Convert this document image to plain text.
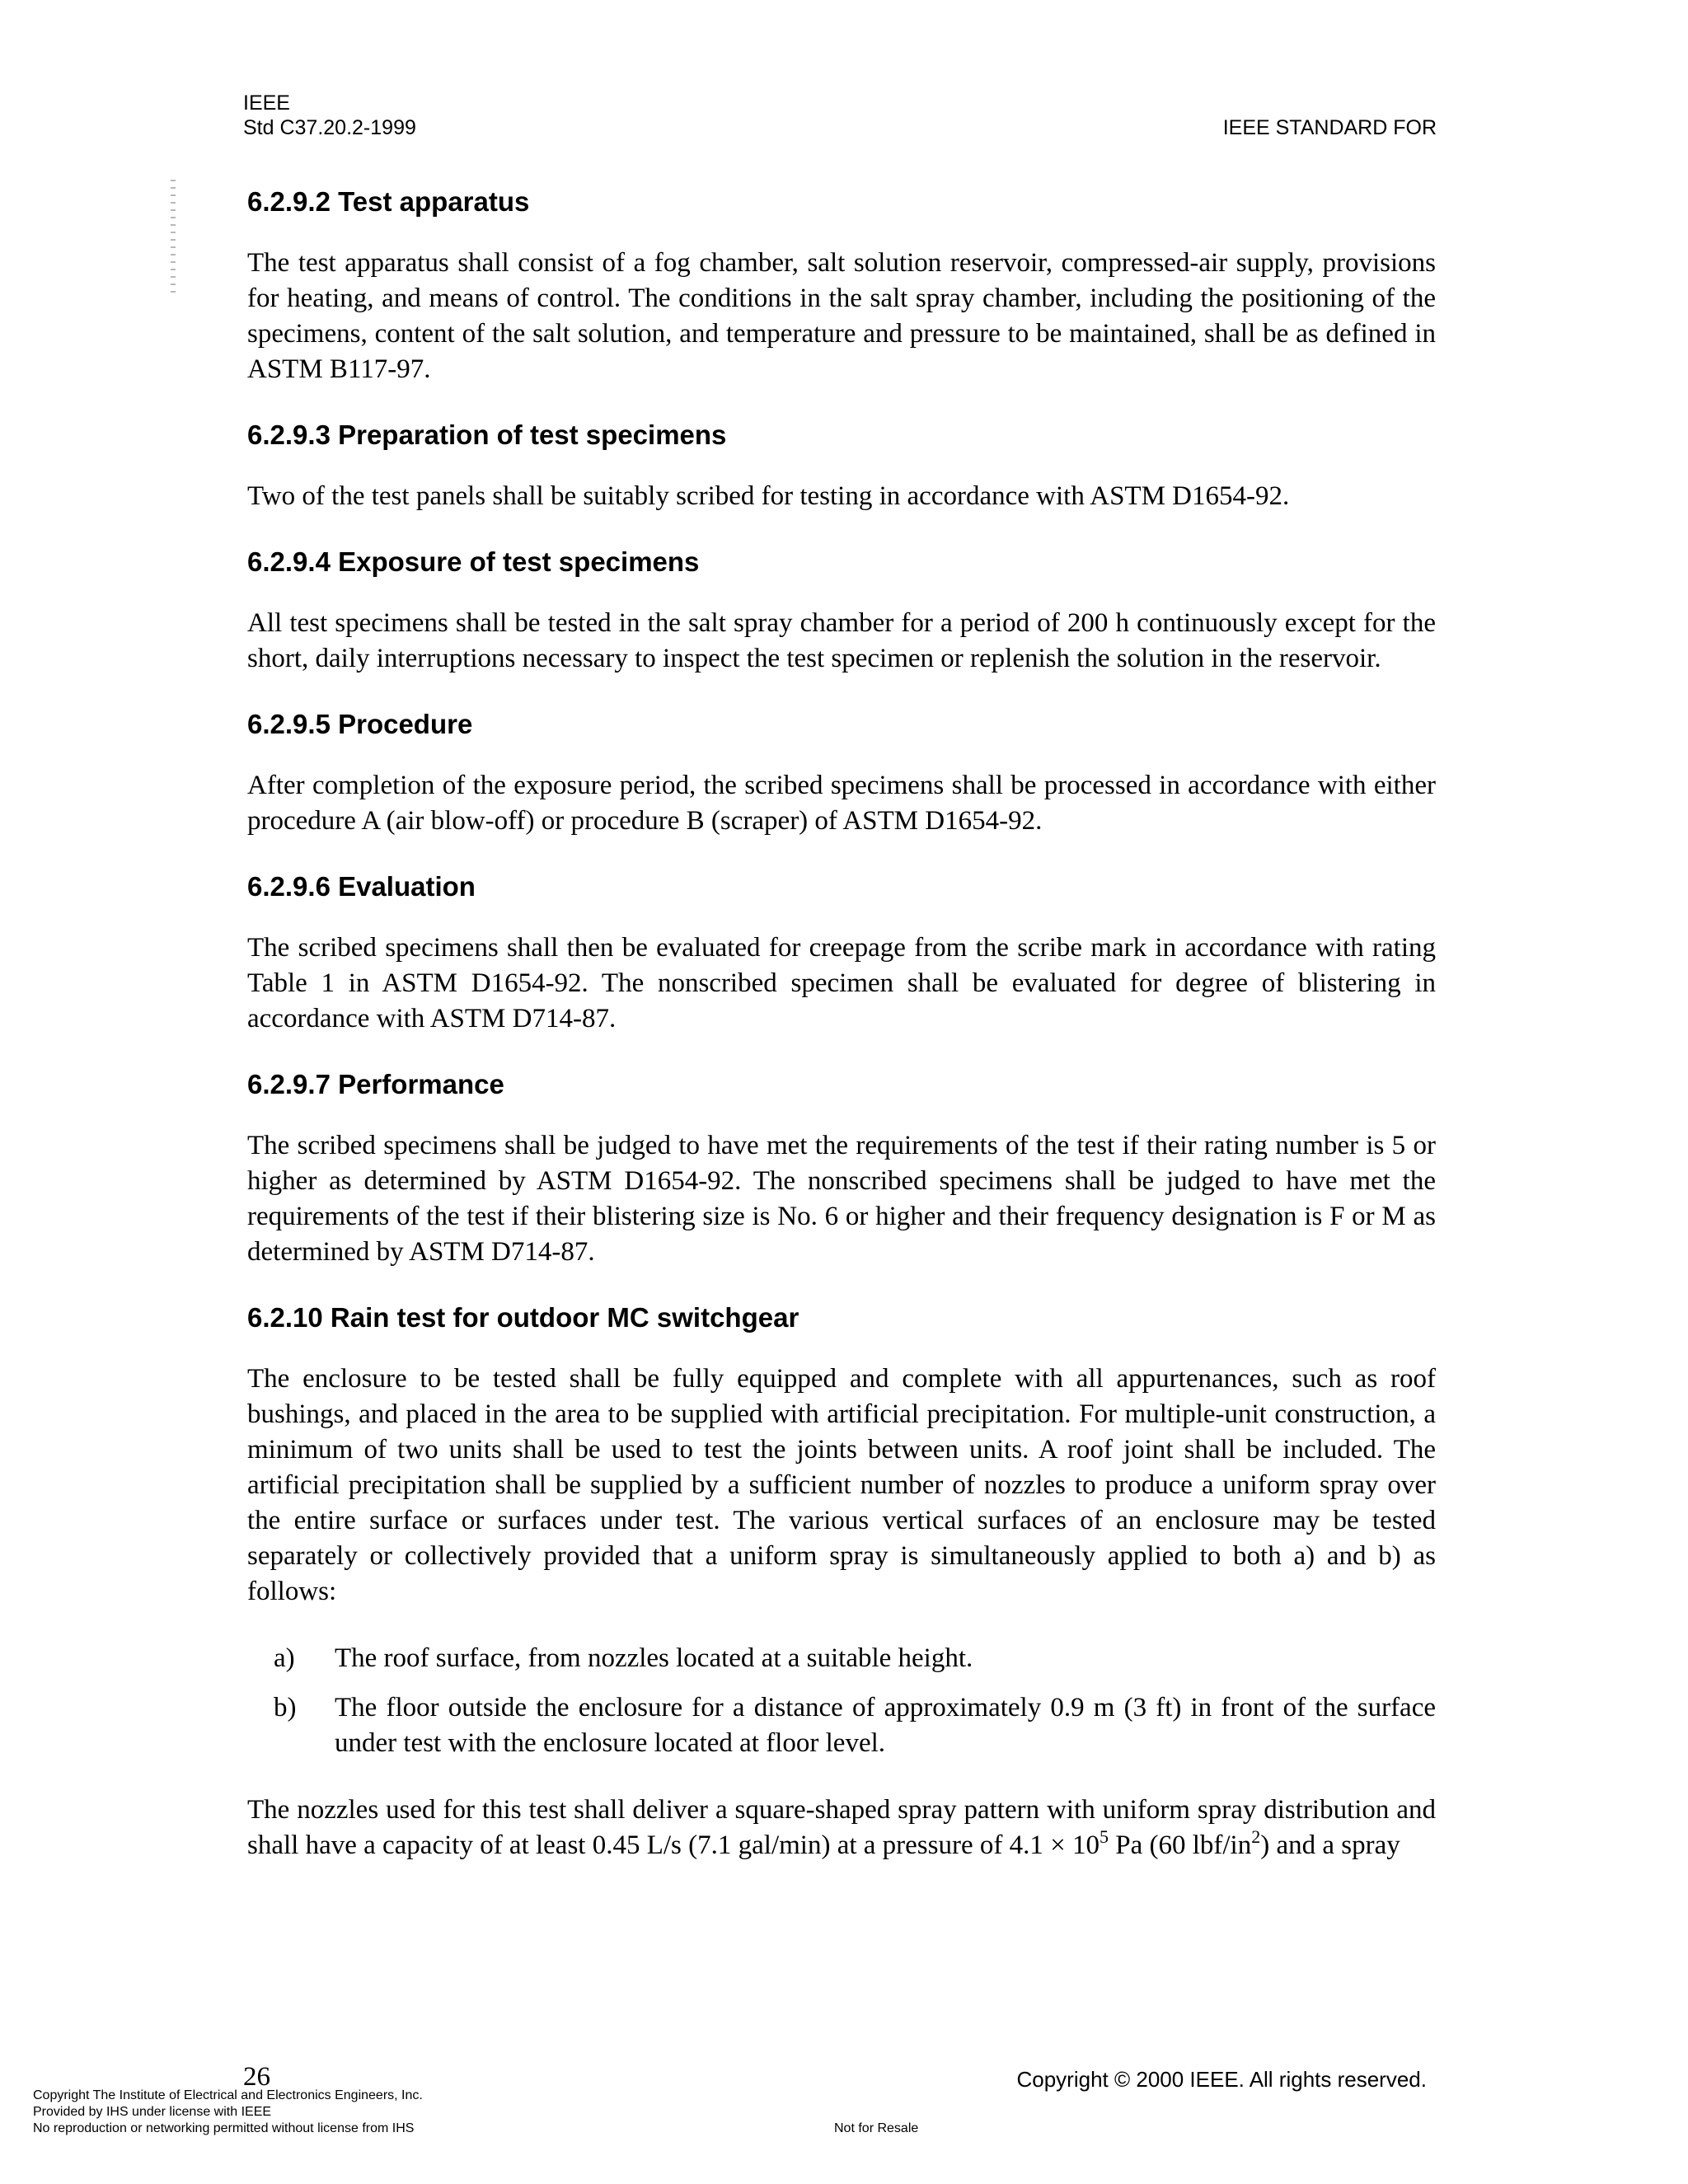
IEEE
Std C37.20.2-1999	IEEE STANDARD FOR
6.2.9.2 Test apparatus

The test apparatus shall consist of a fog chamber, salt solution reservoir, compressed-air supply, provisions for heating, and means of control. The conditions in the salt spray chamber, including the positioning of the specimens, content of the salt solution, and temperature and pressure to be maintained, shall be as defined in ASTM B117-97.

6.2.9.3 Preparation of test specimens

Two of the test panels shall be suitably scribed for testing in accordance with ASTM D1654-92.

6.2.9.4 Exposure of test specimens

All test specimens shall be tested in the salt spray chamber for a period of 200 h continuously except for the short, daily interruptions necessary to inspect the test specimen or replenish the solution in the reservoir.

6.2.9.5 Procedure

After completion of the exposure period, the scribed specimens shall be processed in accordance with either procedure A (air blow-off) or procedure B (scraper) of ASTM D1654-92.

6.2.9.6 Evaluation

The scribed specimens shall then be evaluated for creepage from the scribe mark in accordance with rating Table 1 in ASTM D1654-92. The nonscribed specimen shall be evaluated for degree of blistering in accordance with ASTM D714-87.

6.2.9.7 Performance

The scribed specimens shall be judged to have met the requirements of the test if their rating number is 5 or higher as determined by ASTM D1654-92. The nonscribed specimens shall be judged to have met the requirements of the test if their blistering size is No. 6 or higher and their frequency designation is F or M as determined by ASTM D714-87.

6.2.10 Rain test for outdoor MC switchgear

The enclosure to be tested shall be fully equipped and complete with all appurtenances, such as roof bushings, and placed in the area to be supplied with artificial precipitation. For multiple-unit construction, a minimum of two units shall be used to test the joints between units. A roof joint shall be included. The artificial precipitation shall be supplied by a sufficient number of nozzles to produce a uniform spray over the entire surface or surfaces under test. The various vertical surfaces of an enclosure may be tested separately or collectively provided that a uniform spray is simultaneously applied to both a) and b) as follows:

a) The roof surface, from nozzles located at a suitable height.
b) The floor outside the enclosure for a distance of approximately 0.9 m (3 ft) in front of the surface under test with the enclosure located at floor level.

The nozzles used for this test shall deliver a square-shaped spray pattern with uniform spray distribution and shall have a capacity of at least 0.45 L/s (7.1 gal/min) at a pressure of $4.1 \times 10^5$ Pa (60 lbf/$in^2$) and a spray

26	Copyright © 2000 IEEE. All rights reserved.
Copyright The Institute of Electrical and Electronics Engineers, Inc.
Provided by IHS under license with IEEE
No reproduction or networking permitted without license from IHS	Not for Resale
